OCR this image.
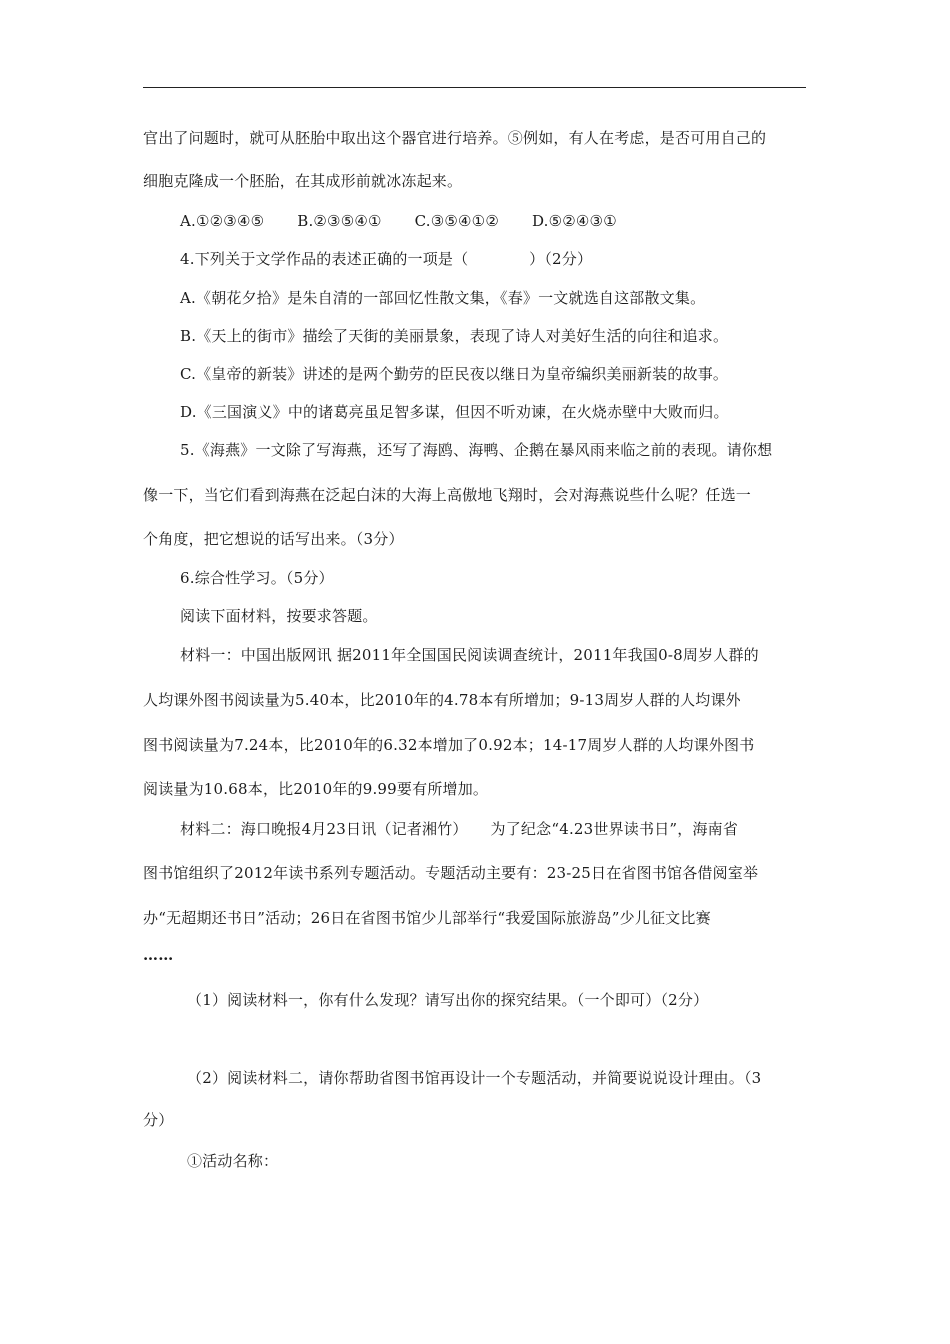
官出了问题时，就可从胚胎中取出这个器官进行培养。⑤例如，有人在考虑，是否可用自己的
细胞克隆成一个胚胎，在其成形前就冰冻起来。
A.①②③④⑤ B.②③⑤④① C.③⑤④①② D.⑤②④③①
4.下列关于文学作品的表述正确的一项是（　　　　）（2分）
A.《朝花夕拾》是朱自清的一部回忆性散文集，《春》一文就选自这部散文集。
B.《天上的街市》描绘了天街的美丽景象，表现了诗人对美好生活的向往和追求。
C.《皇帝的新装》讲述的是两个勤劳的臣民夜以继日为皇帝编织美丽新装的故事。
D.《三国演义》中的诸葛亮虽足智多谋，但因不听劝谏，在火烧赤壁中大败而归。
5.《海燕》一文除了写海燕，还写了海鸥、海鸭、企鹅在暴风雨来临之前的表现。请你想
像一下，当它们看到海燕在泛起白沫的大海上高傲地飞翔时，会对海燕说些什么呢？任选一
个角度，把它想说的话写出来。（3分）
6.综合性学习。（5分）
阅读下面材料，按要求答题。
材料一：中国出版网讯 据2011年全国国民阅读调查统计，2011年我国0-8周岁人群的
人均课外图书阅读量为5.40本，比2010年的4.78本有所增加；9-13周岁人群的人均课外
图书阅读量为7.24本，比2010年的6.32本增加了0.92本；14-17周岁人群的人均课外图书
阅读量为10.68本，比2010年的9.99要有所增加。
材料二：海口晚报4月23日讯（记者湘竹）　　为了纪念“4.23世界读书日”，海南省
图书馆组织了2012年读书系列专题活动。专题活动主要有：23-25日在省图书馆各借阅室举
办“无超期还书日”活动；26日在省图书馆少儿部举行“我爱国际旅游岛”少儿征文比赛
……
（1）阅读材料一，你有什么发现？请写出你的探究结果。（一个即可）（2分）
（2）阅读材料二，请你帮助省图书馆再设计一个专题活动，并简要说说设计理由。（3
分）
①活动名称：
